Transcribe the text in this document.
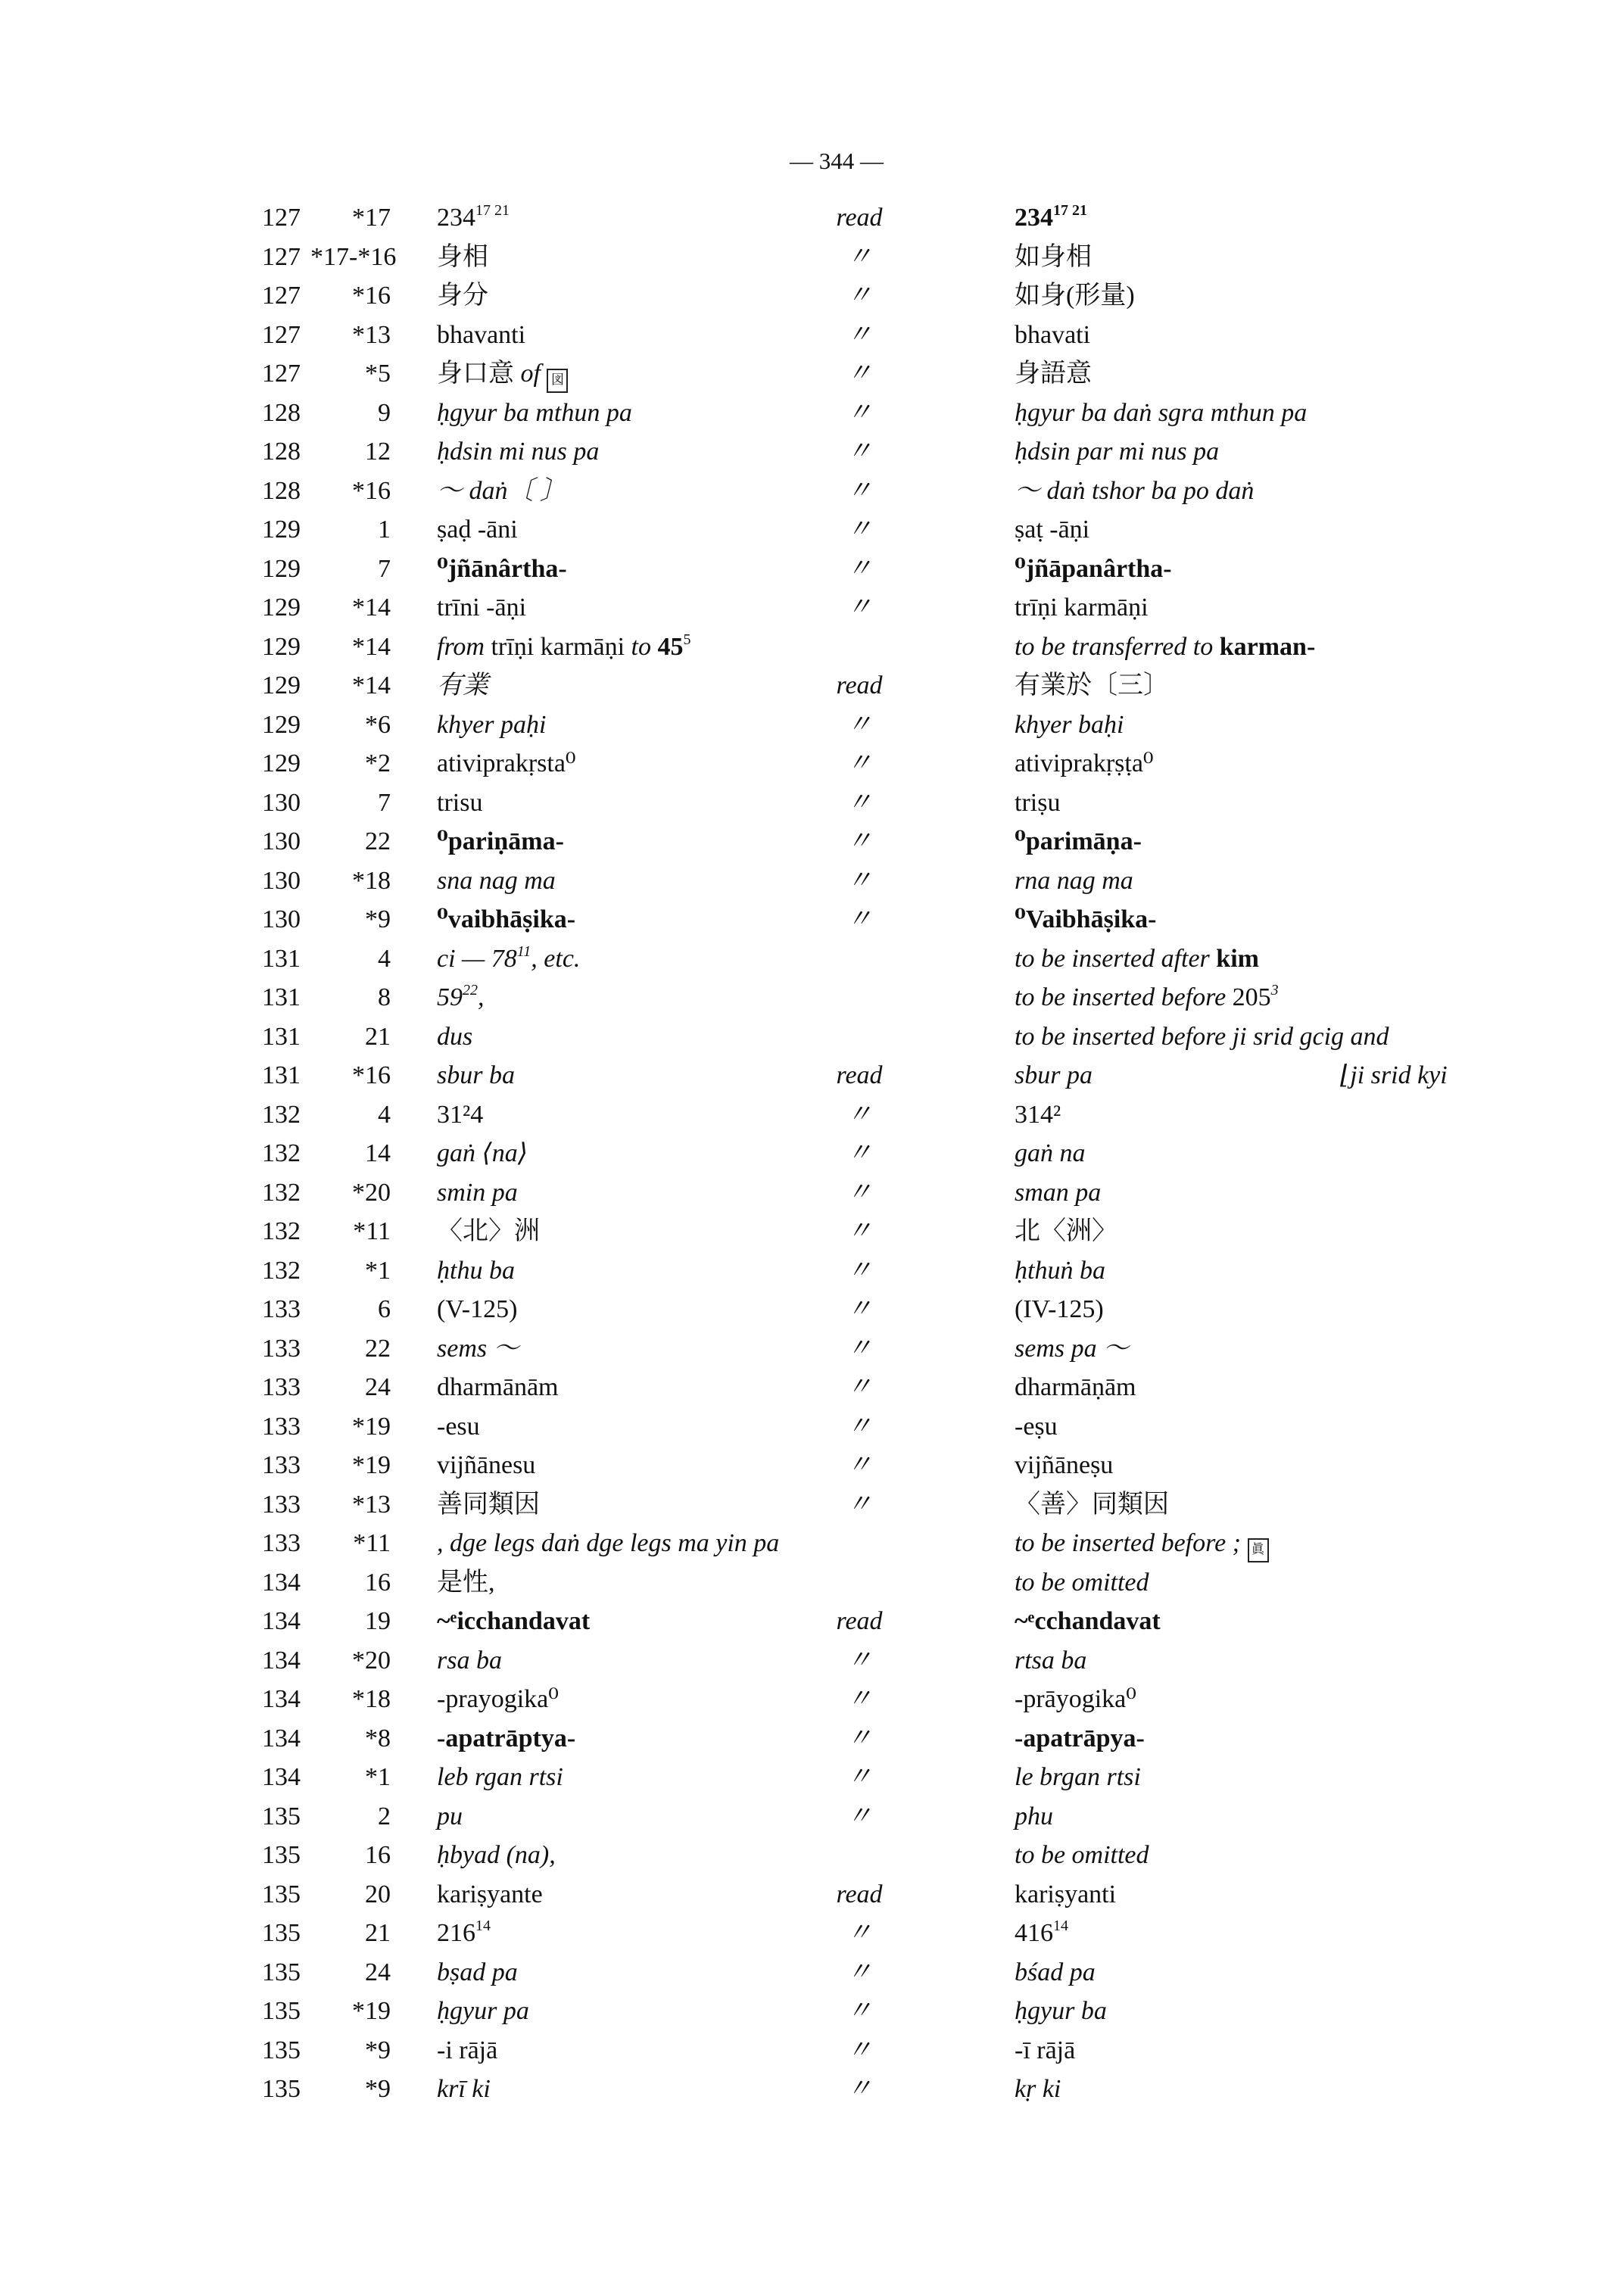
— 344 —
127	*17 $234^{17 21}$	read	$234^{17 21}$
127 *17-*16 身相	〃	如身相
127	*16 身分	〃	如身(形量)
127	*13 bhavanti	〃	bhavati
127	*5 身口意 of 図	〃	身語意
128	9 ḥgyur ba mthun pa	〃	ḥgyur ba daṅ sgra mthun pa
128	12 ḥdsin mi nus pa	〃	ḥdsin par mi nus pa
128	*16 ～ daṅ〔 〕	〃	～ daṅ tshor ba po daṅ
129	1 ṣaḍ -āni	〃	ṣaṭ -āṇi
129	7 ⁰jñānârtha-	〃	⁰jñāpanârtha-
129	*14 trīni -āṇi	〃	trīṇi karmāṇi
129	*14 from trīṇi karmāṇi to $45^5$	to be transferred to karman-
129	*14 有業	read	有業於〔三〕
129	*6 khyer paḥi	〃	khyer baḥi
129	*2 ativiprakṛsta⁰	〃	ativiprakṛṣṭa⁰
130	7 trisu	〃	triṣu
130	22 ⁰pariṇāma-	〃	⁰parimāṇa-
130	*18 sna nag ma	〃	rna nag ma
130	*9 ⁰vaibhāṣika-	〃	⁰Vaibhāṣika-
131	4 ci — $78^{11}$, etc.	to be inserted after kim
131	8 $59^{22}$,	to be inserted before $205^3$
131	21 dus	to be inserted before ji srid gcig and
131	*16 sbur ba	read	sbur pa	⌊ji srid kyi
132	4 31²4	〃	314²
132	14 gaṅ ⟨na⟩	〃	gaṅ na
132	*20 smin pa	〃	sman pa
132	*11 〈北〉洲	〃	北〈洲〉
132	*1 ḥthu ba	〃	ḥthuṅ ba
133	6 (V-125)	〃	(IV-125)
133	22 sems ～	〃	sems pa ～
133	24 dharmānām	〃	dharmāṇām
133	*19 -esu	〃	-eṣu
133	*19 vijñānesu	〃	vijñāneṣu
133	*13 善同類因	〃	〈善〉同類因
133	*11 , dge legs daṅ dge legs ma yin pa	to be inserted before ; 眞
134	16 是性,	to be omitted
134	19 ~ͤicchandavat	read	~ͤcchandavat
134	*20 rsa ba	〃	rtsa ba
134	*18 -prayogika⁰	〃	-prāyogika⁰
134	*8 -apatrāptya-	〃	-apatrāpya-
134	*1 leb rgan rtsi	〃	le brgan rtsi
135	2 pu	〃	phu
135	16 ḥbyad (na),	to be omitted
135	20 kariṣyante	read	kariṣyanti
135	21 $216^{14}$	〃	$416^{14}$
135	24 bṣad pa	〃	bśad pa
135	*19 ḥgyur pa	〃	ḥgyur ba
135	*9 -i rājā	〃	-ī rājā
135	*9 krī ki	〃	kṛ ki
